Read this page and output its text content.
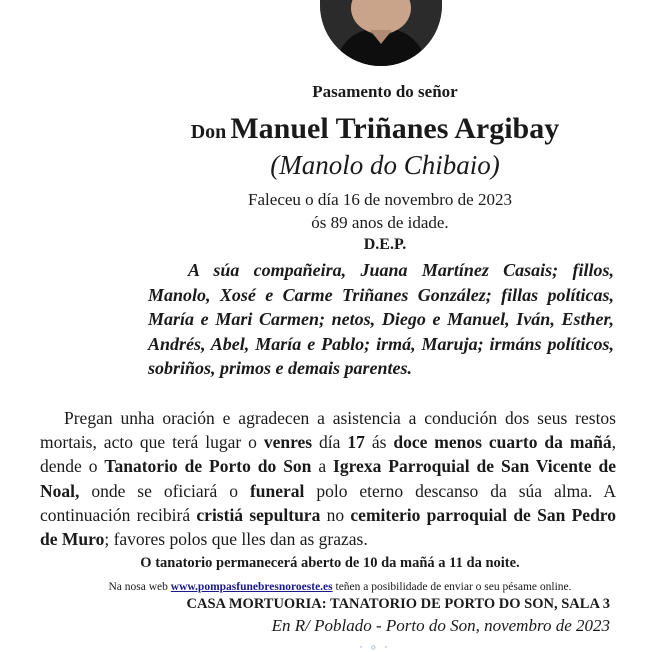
Pasamento do señor

Don Manuel Triñanes Argibay
(Manolo do Chibaio)
Faleceu o día 16 de novembro de 2023
ós 89 anos de idade.
D.E.P.

A súa compañeira, Juana Martínez Casais; fillos, Manolo, Xosé e Carme Triñanes González; fillas políticas, María e Mari Carmen; netos, Diego e Manuel, Iván, Esther, Andrés, Abel, María e Pablo; irmá, Maruja; irmáns políticos, sobriños, primos e demais parentes.

Pregan unha oración e agradecen a asistencia a condución dos seus restos mortais, acto que terá lugar o venres día 17 ás doce menos cuarto da mañá, dende o Tanatorio de Porto do Son a Igrexa Parroquial de San Vicente de Noal, onde se oficiará o funeral polo eterno descanso da súa alma. A continuación recibirá cristiá sepultura no cemiterio parroquial de San Pedro de Muro; favores polos que lles dan as grazas.

O tanatorio permanecerá aberto de 10 da mañá a 11 da noite.
Na nosa web www.pompasfunebresnoroeste.es teñen a posibilidade de enviar o seu pésame online.
CASA MORTUORIA: TANATORIO DE PORTO DO SON, SALA 3
En R/ Poblado - Porto do Son, novembro de 2023
· ○ ·
